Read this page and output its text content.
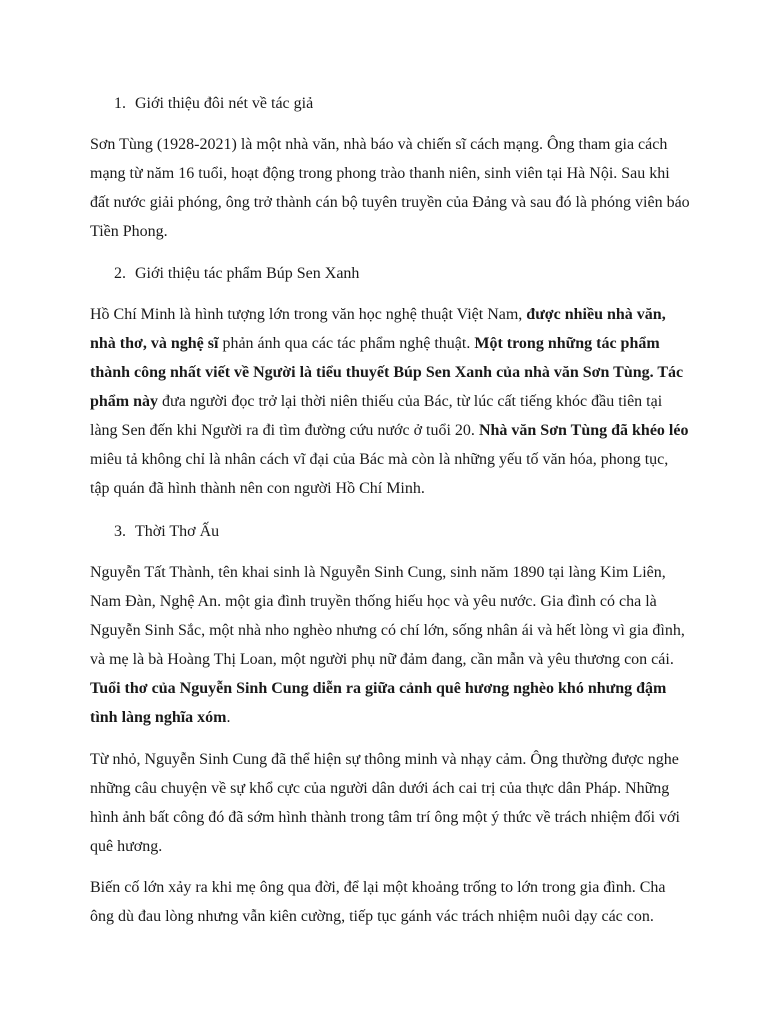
1. Giới thiệu đôi nét về tác giả

Sơn Tùng (1928-2021) là một nhà văn, nhà báo và chiến sĩ cách mạng. Ông tham gia cách mạng từ năm 16 tuổi, hoạt động trong phong trào thanh niên, sinh viên tại Hà Nội. Sau khi đất nước giải phóng, ông trở thành cán bộ tuyên truyền của Đảng và sau đó là phóng viên báo Tiền Phong.

2. Giới thiệu tác phẩm Búp Sen Xanh

Hồ Chí Minh là hình tượng lớn trong văn học nghệ thuật Việt Nam, được nhiều nhà văn, nhà thơ, và nghệ sĩ phản ánh qua các tác phẩm nghệ thuật. Một trong những tác phẩm thành công nhất viết về Người là tiểu thuyết Búp Sen Xanh của nhà văn Sơn Tùng. Tác phẩm này đưa người đọc trở lại thời niên thiếu của Bác, từ lúc cất tiếng khóc đầu tiên tại làng Sen đến khi Người ra đi tìm đường cứu nước ở tuổi 20. Nhà văn Sơn Tùng đã khéo léo miêu tả không chỉ là nhân cách vĩ đại của Bác mà còn là những yếu tố văn hóa, phong tục, tập quán đã hình thành nên con người Hồ Chí Minh.

3. Thời Thơ Ấu

Nguyễn Tất Thành, tên khai sinh là Nguyễn Sinh Cung, sinh năm 1890 tại làng Kim Liên, Nam Đàn, Nghệ An. một gia đình truyền thống hiếu học và yêu nước. Gia đình có cha là Nguyễn Sinh Sắc, một nhà nho nghèo nhưng có chí lớn, sống nhân ái và hết lòng vì gia đình, và mẹ là bà Hoàng Thị Loan, một người phụ nữ đảm đang, cần mẫn và yêu thương con cái. Tuổi thơ của Nguyễn Sinh Cung diễn ra giữa cảnh quê hương nghèo khó nhưng đậm tình làng nghĩa xóm.

Từ nhỏ, Nguyễn Sinh Cung đã thể hiện sự thông minh và nhạy cảm. Ông thường được nghe những câu chuyện về sự khổ cực của người dân dưới ách cai trị của thực dân Pháp. Những hình ảnh bất công đó đã sớm hình thành trong tâm trí ông một ý thức về trách nhiệm đối với quê hương.

Biến cố lớn xảy ra khi mẹ ông qua đời, để lại một khoảng trống to lớn trong gia đình. Cha ông dù đau lòng nhưng vẫn kiên cường, tiếp tục gánh vác trách nhiệm nuôi dạy các con.
